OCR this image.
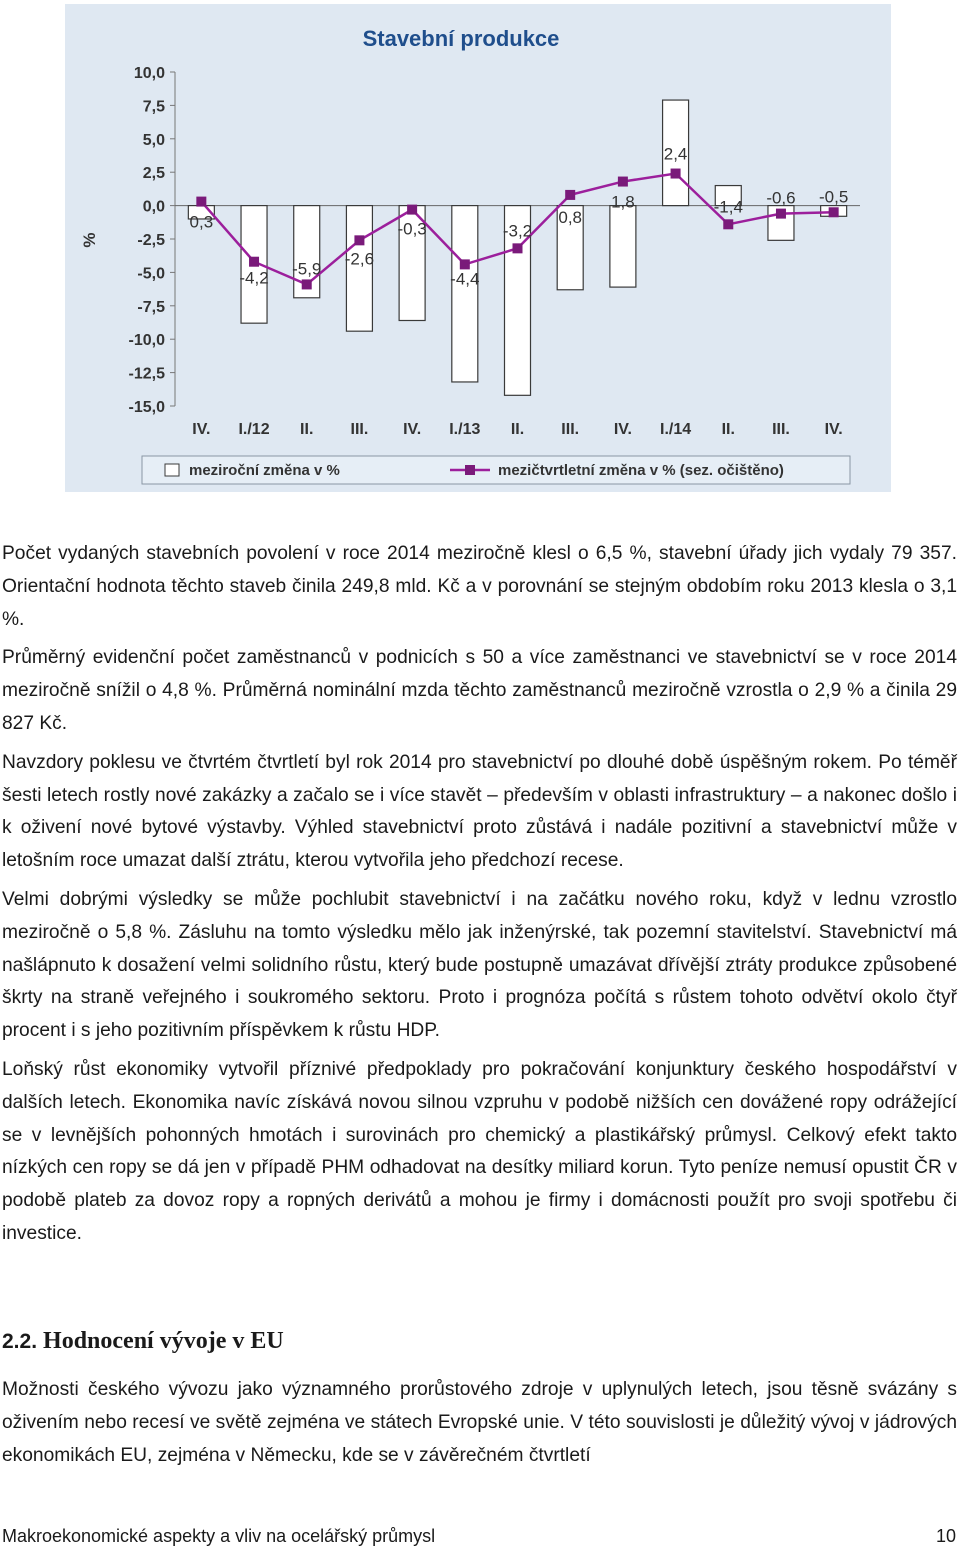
Stavební produkce
%
10,0
7,5
5,0
2,5
0,0
-2,5
-5,0
-7,5
-10,0
-12,5
-15,0
0,3
-4,2 -5,9
-2,6
-0,3
-4,4
-3,2
0,8
1,8
2,4
-1,4 -0,6 -0,5
IV. I./12 II. III. IV. I./13 II. III. IV. I./14 II. III. IV.
meziroční změna v %	mezičtvrtletní změna v % (sez. očištěno)

Počet vydaných stavebních povolení v roce 2014 meziročně klesl o 6,5 %, stavební úřady jich vydaly 79 357. Orientační hodnota těchto staveb činila 249,8 mld. Kč a v porovnání se stejným obdobím roku 2013 klesla o 3,1 %.

Průměrný evidenční počet zaměstnanců v podnicích s 50 a více zaměstnanci ve stavebnictví se v roce 2014 meziročně snížil o 4,8 %. Průměrná nominální mzda těchto zaměstnanců meziročně vzrostla o 2,9 % a činila 29 827 Kč.

Navzdory poklesu ve čtvrtém čtvrtletí byl rok 2014 pro stavebnictví po dlouhé době úspěšným rokem. Po téměř šesti letech rostly nové zakázky a začalo se i více stavět – především v oblasti infrastruktury – a nakonec došlo i k oživení nové bytové výstavby. Výhled stavebnictví proto zůstává i nadále pozitivní a stavebnictví může v letošním roce umazat další ztrátu, kterou vytvořila jeho předchozí recese.

Velmi dobrými výsledky se může pochlubit stavebnictví i na začátku nového roku, když v lednu vzrostlo meziročně o 5,8 %. Zásluhu na tomto výsledku mělo jak inženýrské, tak pozemní stavitelství. Stavebnictví má našlápnuto k dosažení velmi solidního růstu, který bude postupně umazávat dřívější ztráty produkce způsobené škrty na straně veřejného i soukromého sektoru. Proto i prognóza počítá s růstem tohoto odvětví okolo čtyř procent i s jeho pozitivním příspěvkem k růstu HDP.

Loňský růst ekonomiky vytvořil příznivé předpoklady pro pokračování konjunktury českého hospodářství v dalších letech. Ekonomika navíc získává novou silnou vzpruhu v podobě nižších cen dovážené ropy odrážející se v levnějších pohonných hmotách i surovinách pro chemický a plastikářský průmysl. Celkový efekt takto nízkých cen ropy se dá jen v případě PHM odhadovat na desítky miliard korun. Tyto peníze nemusí opustit ČR v podobě plateb za dovoz ropy a ropných derivátů a mohou je firmy i domácnosti použít pro svoji spotřebu či investice.

2.2. Hodnocení vývoje v EU

Možnosti českého vývozu jako významného prorůstového zdroje v uplynulých letech, jsou těsně svázány s oživením nebo recesí ve světě zejména ve státech Evropské unie. V této souvislosti je důležitý vývoj v jádrových ekonomikách EU, zejména v Německu, kde se v závěrečném čtvrtletí

Makroekonomické aspekty a vliv na ocelářský průmysl	10
